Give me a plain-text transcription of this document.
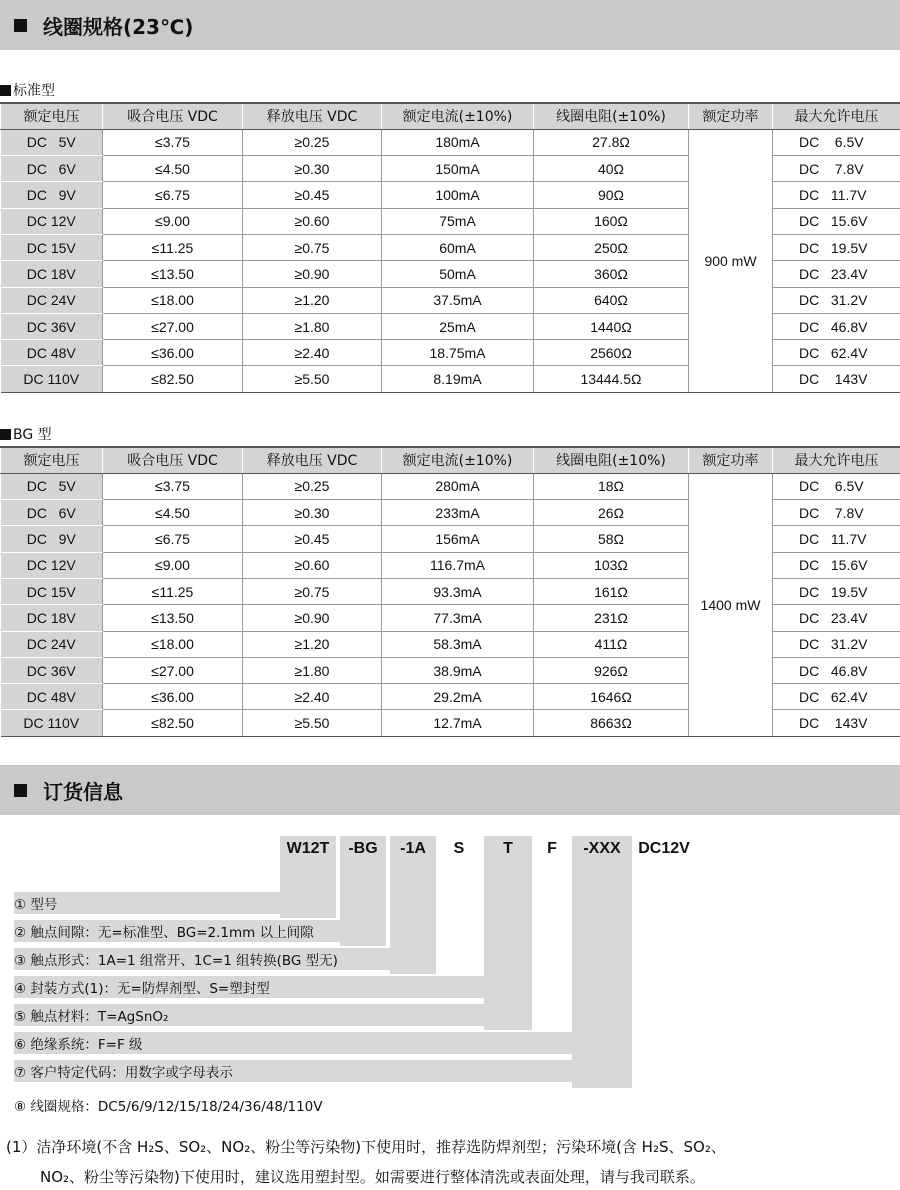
线圈规格(23℃)
标准型
额定电压	吸合电压 VDC	释放电压 VDC	额定电流(±10%)	线圈电阻(±10%)	额定功率	最大允许电压
DC   5V	≤3.75	≥0.25	180mA	27.8Ω	900 mW	DC    6.5V
DC   6V	≤4.50	≥0.30	150mA	40Ω		DC    7.8V
DC   9V	≤6.75	≥0.45	100mA	90Ω		DC   11.7V
DC 12V	≤9.00	≥0.60	75mA	160Ω		DC   15.6V
DC 15V	≤11.25	≥0.75	60mA	250Ω		DC   19.5V
DC 18V	≤13.50	≥0.90	50mA	360Ω		DC   23.4V
DC 24V	≤18.00	≥1.20	37.5mA	640Ω		DC   31.2V
DC 36V	≤27.00	≥1.80	25mA	1440Ω		DC   46.8V
DC 48V	≤36.00	≥2.40	18.75mA	2560Ω		DC   62.4V
DC 110V	≤82.50	≥5.50	8.19mA	13444.5Ω		DC    143V
BG 型
额定电压	吸合电压 VDC	释放电压 VDC	额定电流(±10%)	线圈电阻(±10%)	额定功率	最大允许电压
DC   5V	≤3.75	≥0.25	280mA	18Ω	1400 mW	DC    6.5V
DC   6V	≤4.50	≥0.30	233mA	26Ω		DC    7.8V
DC   9V	≤6.75	≥0.45	156mA	58Ω		DC   11.7V
DC 12V	≤9.00	≥0.60	116.7mA	103Ω		DC   15.6V
DC 15V	≤11.25	≥0.75	93.3mA	161Ω		DC   19.5V
DC 18V	≤13.50	≥0.90	77.3mA	231Ω		DC   23.4V
DC 24V	≤18.00	≥1.20	58.3mA	411Ω		DC   31.2V
DC 36V	≤27.00	≥1.80	38.9mA	926Ω		DC   46.8V
DC 48V	≤36.00	≥2.40	29.2mA	1646Ω		DC   62.4V
DC 110V	≤82.50	≥5.50	12.7mA	8663Ω		DC    143V
订货信息
W12T	-BG	-1A	S	T	F	-XXX	DC12V
① 型号
② 触点间隙：无=标准型、BG=2.1mm 以上间隙
③ 触点形式：1A=1 组常开、1C=1 组转换(BG 型无)
④ 封装方式(1)：无=防焊剂型、S=塑封型
⑤ 触点材料：T=AgSnO₂
⑥ 绝缘系统：F=F 级
⑦ 客户特定代码：用数字或字母表示
⑧ 线圈规格：DC5/6/9/12/15/18/24/36/48/110V
(1）洁净环境(不含 H₂S、SO₂、NO₂、粉尘等污染物)下使用时，推荐选防焊剂型；污染环境(含 H₂S、SO₂、
NO₂、粉尘等污染物)下使用时，建议选用塑封型。如需要进行整体清洗或表面处理，请与我司联系。
